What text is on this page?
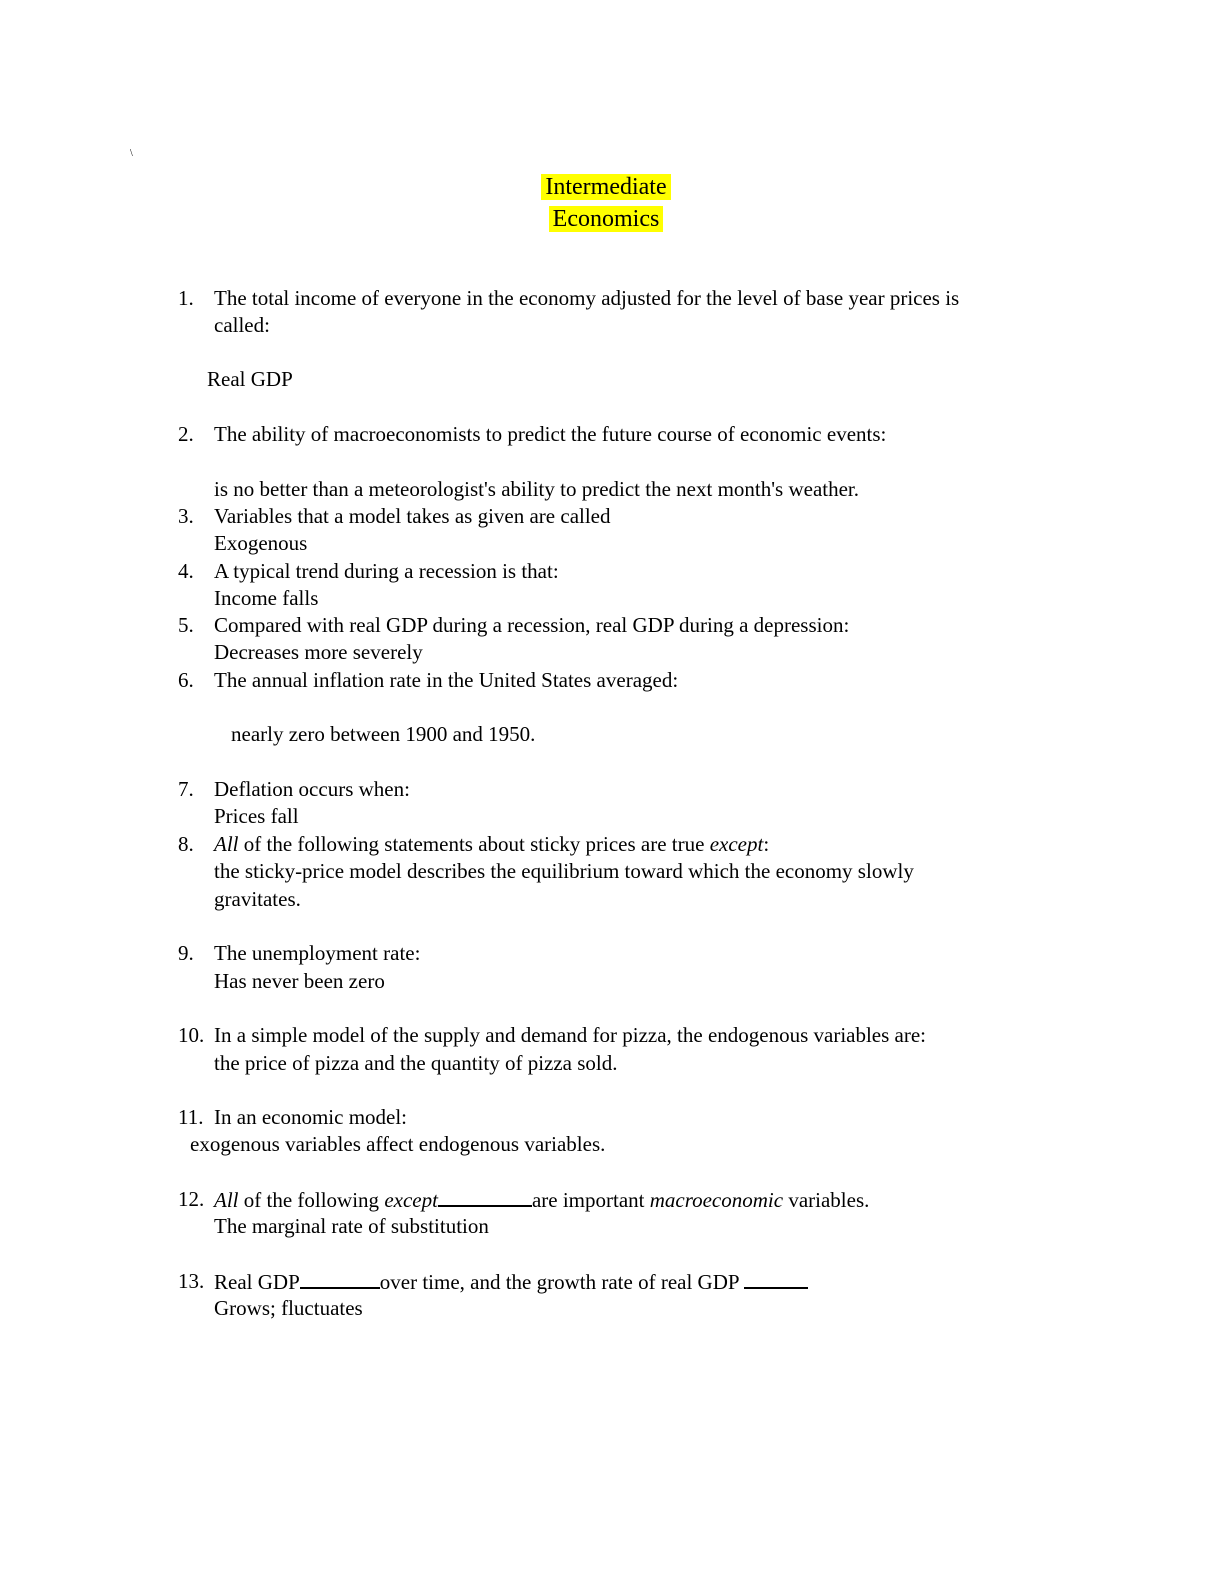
\
Intermediate
Economics
1. The total income of everyone in the economy adjusted for the level of base year prices is
called:
Real GDP
2. The ability of macroeconomists to predict the future course of economic events:
is no better than a meteorologist's ability to predict the next month's weather.
3. Variables that a model takes as given are called
Exogenous
4. A typical trend during a recession is that:
Income falls
5. Compared with real GDP during a recession, real GDP during a depression:
Decreases more severely
6. The annual inflation rate in the United States averaged:
nearly zero between 1900 and 1950.
7. Deflation occurs when:
Prices fall
8. All of the following statements about sticky prices are true except:
the sticky-price model describes the equilibrium toward which the economy slowly
gravitates.
9. The unemployment rate:
Has never been zero
10. In a simple model of the supply and demand for pizza, the endogenous variables are:
the price of pizza and the quantity of pizza sold.
11. In an economic model:
exogenous variables affect endogenous variables.
12. All of the following except	are important macroeconomic variables.
The marginal rate of substitution
13. Real GDP	over time, and the growth rate of real GDP
Grows; fluctuates
